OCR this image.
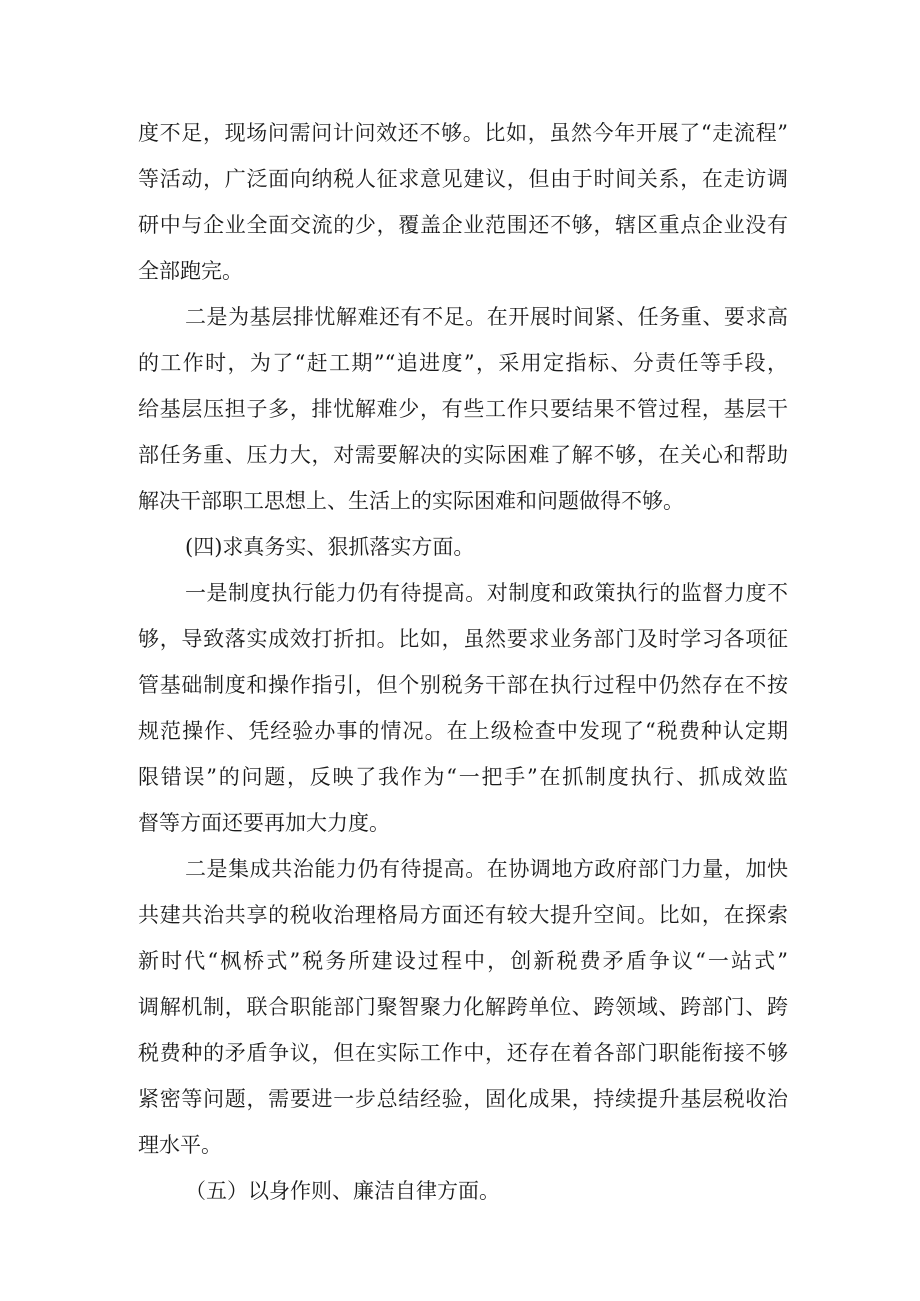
度不足，现场问需问计问效还不够。比如，虽然今年开展了“走流程”
等活动，广泛面向纳税人征求意见建议，但由于时间关系，在走访调
研中与企业全面交流的少，覆盖企业范围还不够，辖区重点企业没有
全部跑完。
二是为基层排忧解难还有不足。在开展时间紧、任务重、要求高
的工作时，为了“赶工期”“追进度”，采用定指标、分责任等手段，
给基层压担子多，排忧解难少，有些工作只要结果不管过程，基层干
部任务重、压力大，对需要解决的实际困难了解不够，在关心和帮助
解决干部职工思想上、生活上的实际困难和问题做得不够。
(四)求真务实、狠抓落实方面。
一是制度执行能力仍有待提高。对制度和政策执行的监督力度不
够，导致落实成效打折扣。比如，虽然要求业务部门及时学习各项征
管基础制度和操作指引，但个别税务干部在执行过程中仍然存在不按
规范操作、凭经验办事的情况。在上级检查中发现了“税费种认定期
限错误”的问题，反映了我作为“一把手”在抓制度执行、抓成效监
督等方面还要再加大力度。
二是集成共治能力仍有待提高。在协调地方政府部门力量，加快
共建共治共享的税收治理格局方面还有较大提升空间。比如，在探索
新时代“枫桥式”税务所建设过程中，创新税费矛盾争议“一站式”
调解机制，联合职能部门聚智聚力化解跨单位、跨领域、跨部门、跨
税费种的矛盾争议，但在实际工作中，还存在着各部门职能衔接不够
紧密等问题，需要进一步总结经验，固化成果，持续提升基层税收治
理水平。
（五）以身作则、廉洁自律方面。
